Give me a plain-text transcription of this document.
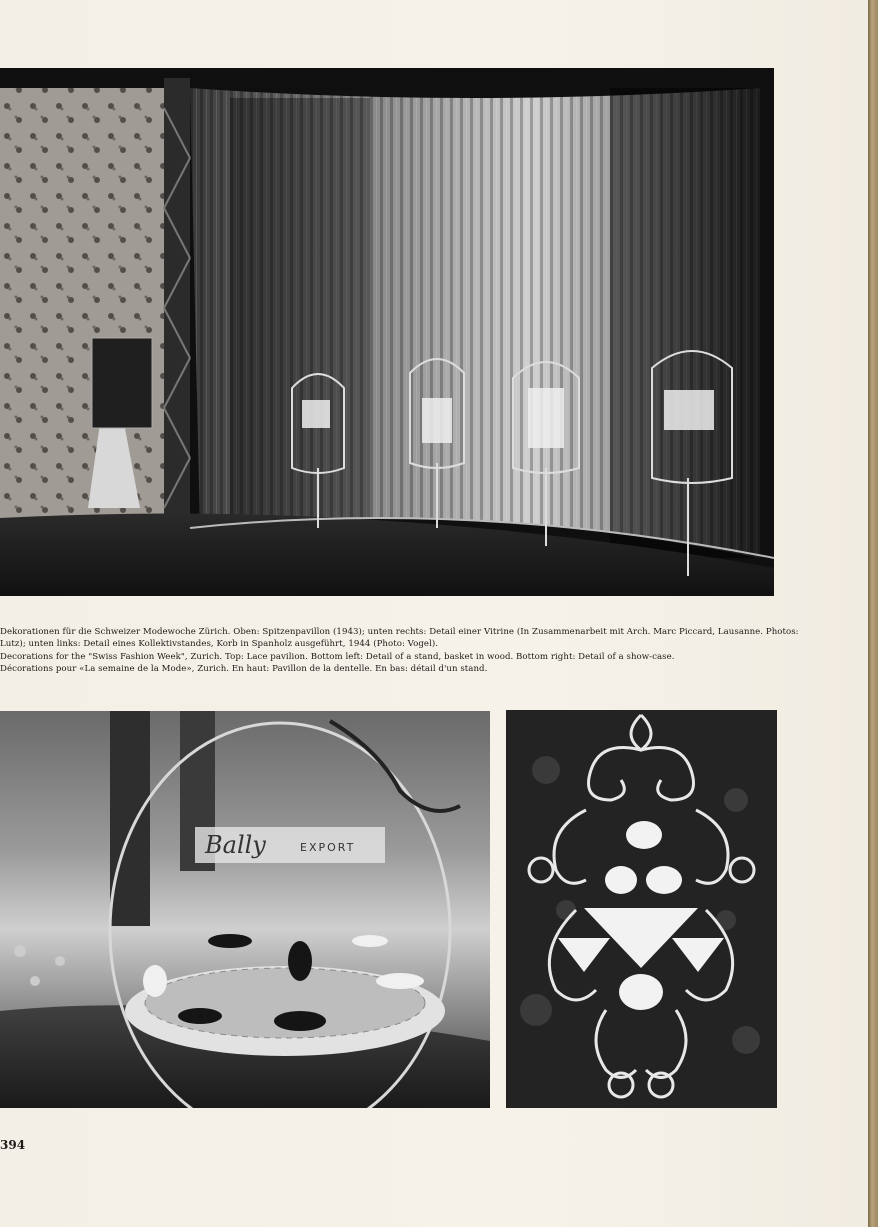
Dekorationen für die Schweizer Modewoche Zürich. Oben: Spitzenpavillon (1943); unten rechts: Detail einer Vitrine (In Zusammenarbeit mit Arch. Marc Piccard, Lausanne. Photos:

Lutz); unten links: Detail eines Kollektivstandes, Korb in Spanholz ausgeführt, 1944 (Photo: Vogel).

Decorations for the "Swiss Fashion Week", Zurich. Top: Lace pavilion. Bottom left: Detail of a stand, basket in wood. Bottom right: Detail of a show-case.

Décorations pour «La semaine de la Mode», Zurich. En haut: Pavillon de la dentelle. En bas: détail d'un stand.

Bally	EXPORT
394
